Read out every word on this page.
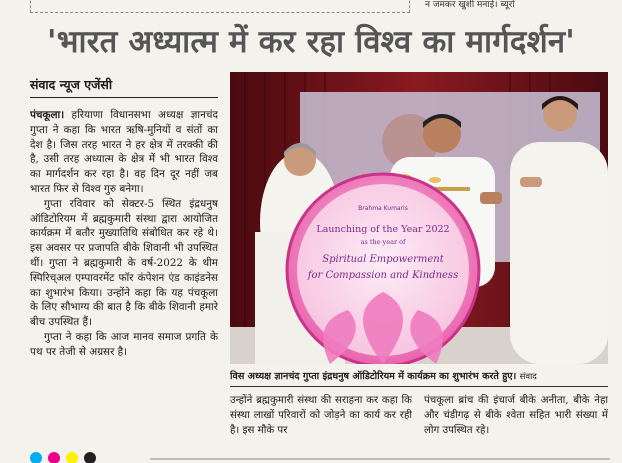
न जमकर खुशी मनाई। ब्यूरो
'भारत अध्यात्म में कर रहा विश्व का मार्गदर्शन'
संवाद न्यूज एजेंसी

पंचकूला। हरियाणा विधानसभा अध्यक्ष ज्ञानचंद गुप्ता ने कहा कि भारत ऋषि-मुनियों व संतों का देश है। जिस तरह भारत ने हर क्षेत्र में तरक्की की है, उसी तरह अध्यात्म के क्षेत्र में भी भारत विश्व का मार्गदर्शन कर रहा है। वह दिन दूर नहीं जब भारत फिर से विश्व गुरु बनेगा।

गुप्ता रविवार को सेक्टर-5 स्थित इंद्रधनुष ऑडिटोरियम में ब्रह्मकुमारी संस्था द्वारा आयोजित कार्यक्रम में बतौर मुख्यातिथि संबोधित कर रहे थे। इस अवसर पर प्रजापति बीके शिवानी भी उपस्थित थीं। गुप्ता ने ब्रह्मकुमारी के वर्ष-2022 के थीम स्पिरिच्अल एम्पावरमेंट फॉर कंपेशन एंड काइंडनेस का शुभारंभ किया। उन्होंने कहा कि यह पंचकूला के लिए सौभाग्य की बात है कि बीके शिवानी हमारे बीच उपस्थित हैं।

गुप्ता ने कहा कि आज मानव समाज प्रगति के पथ पर तेजी से अग्रसर है।

Brahma Kumaris
Launching of the Year 2022
as the year of
Spiritual Empowerment
for Compassion and Kindness
विस अध्यक्ष ज्ञानचंद गुप्ता इंद्रधनुष ऑडिटोरियम में कार्यक्रम का शुभारंभ करते हुए। संवाद
उन्होंने ब्रह्मकुमारी संस्था की सराहना कर कहा कि संस्था लाखों परिवारों को जोड़ने का कार्य कर रही है। इस मौके पर
पंचकूला ब्रांच की इंचार्ज बीके अनीता, बीके नेहा और चंडीगढ़ से बीके श्वेता सहित भारी संख्या में लोग उपस्थित रहे।
